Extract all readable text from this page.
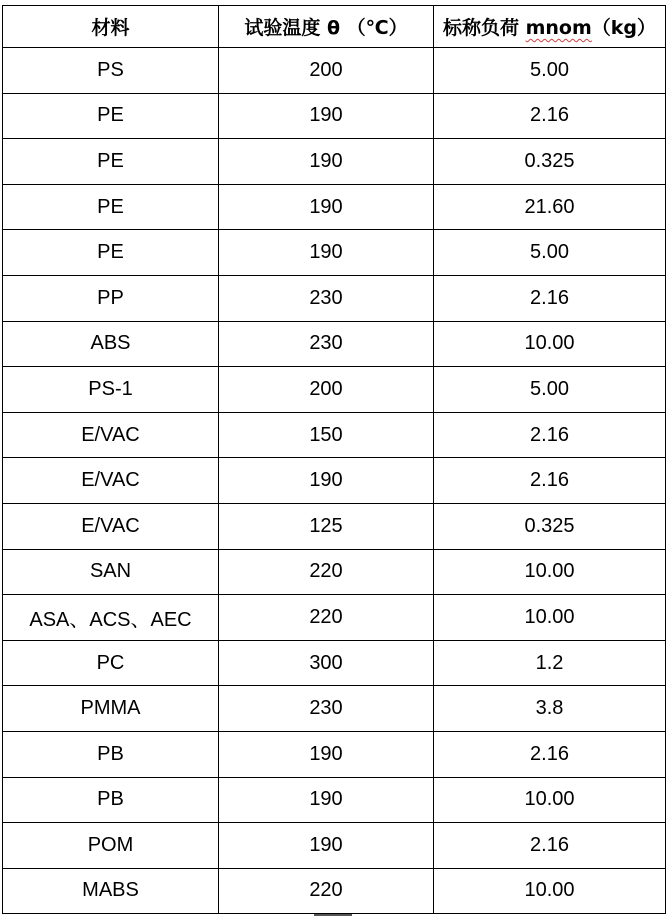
材料	试验温度 θ （℃）	标称负荷 mnom（kg）
PS	200	5.00
PE	190	2.16
PE	190	0.325
PE	190	21.60
PE	190	5.00
PP	230	2.16
ABS	230	10.00
PS-1	200	5.00
E/VAC	150	2.16
E/VAC	190	2.16
E/VAC	125	0.325
SAN	220	10.00
ASA、ACS、AEC	220	10.00
PC	300	1.2
PMMA	230	3.8
PB	190	2.16
PB	190	10.00
POM	190	2.16
MABS	220	10.00
